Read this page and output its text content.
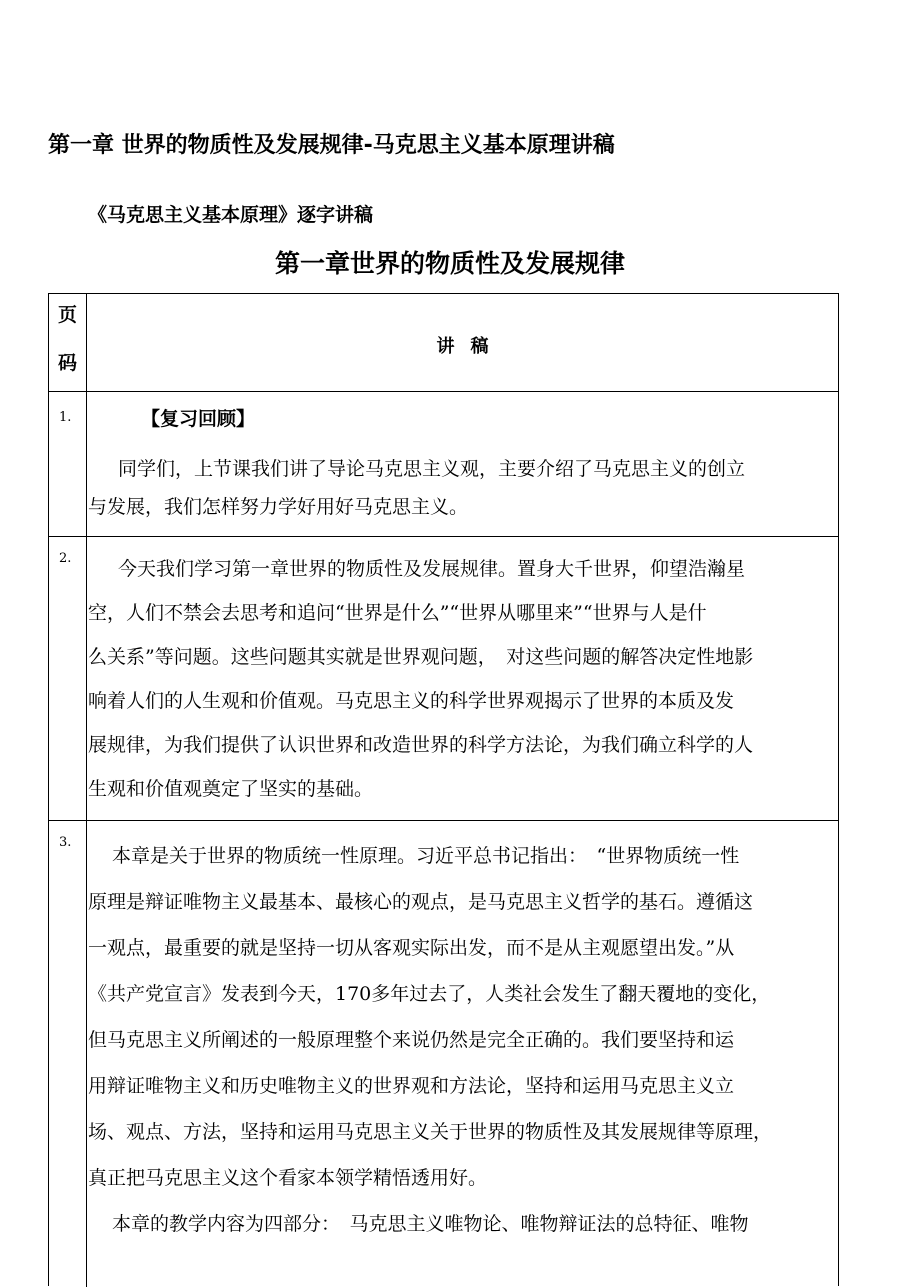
第一章 世界的物质性及发展规律-马克思主义基本原理讲稿
《马克思主义基本原理》逐字讲稿
第一章世界的物质性及发展规律
页
码
讲稿
1.	【复习回顾】
　同学们，上节课我们讲了导论马克思主义观，主要介绍了马克思主义的创立
与发展，我们怎样努力学好用好马克思主义。
2. 　今天我们学习第一章世界的物质性及发展规律。置身大千世界，仰望浩瀚星
空，人们不禁会去思考和追问“世界是什么”“世界从哪里来”“世界与人是什
么关系”等问题。这些问题其实就是世界观问题，　对这些问题的解答决定性地影
响着人们的人生观和价值观。马克思主义的科学世界观揭示了世界的本质及发
展规律，为我们提供了认识世界和改造世界的科学方法论，为我们确立科学的人
生观和价值观奠定了坚实的基础。
3.
　本章是关于世界的物质统一性原理。习近平总书记指出：　“世界物质统一性
原理是辩证唯物主义最基本、最核心的观点，是马克思主义哲学的基石。遵循这
一观点，最重要的就是坚持一切从客观实际出发，而不是从主观愿望出发。”从
《共产党宣言》发表到今天，170多年过去了，人类社会发生了翻天覆地的变化，
但马克思主义所阐述的一般原理整个来说仍然是完全正确的。我们要坚持和运
用辩证唯物主义和历史唯物主义的世界观和方法论，坚持和运用马克思主义立
场、观点、方法，坚持和运用马克思主义关于世界的物质性及其发展规律等原理，
真正把马克思主义这个看家本领学精悟透用好。
　本章的教学内容为四部分：　马克思主义唯物论、唯物辩证法的总特征、唯物
